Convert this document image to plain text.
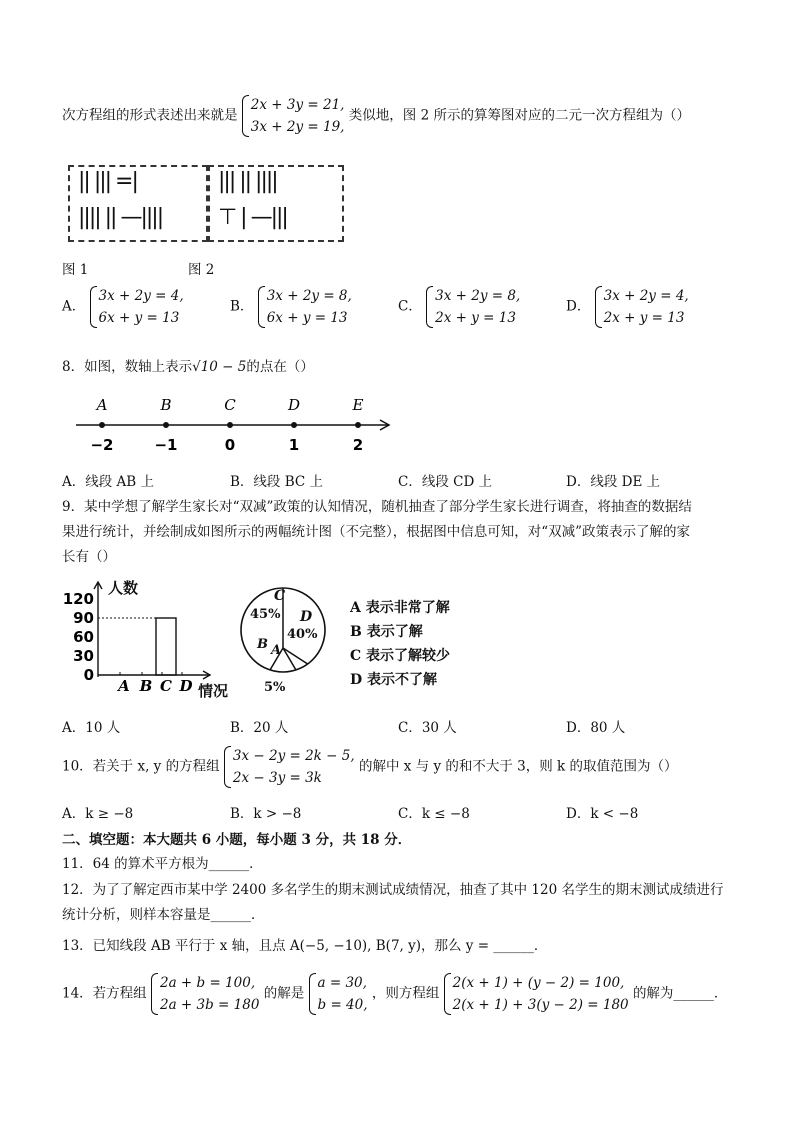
次方程组的形式表述出来就是
2x + 3y = 21,
3x + 2y = 19, 类似地，图 2 所示的算筹图对应的二元一次方程组为（）
|| ||| =|
|||| || —||||
||| || ||||
⊤ | —|||
图 1	图 2
A．
3x + 2y = 4,
6x + y = 13
B．
3x + 2y = 8,
6x + y = 13
C．
3x + 2y = 8,
2x + y = 13
D．
3x + 2y = 4,
2x + y = 13
8．如图，数轴上表示√10 − 5的点在（）
A
−2
B
−1
C
0
D
1
E
2
A．线段 AB 上	B．线段 BC 上	C．线段 CD 上	D．线段 DE 上
9．某中学想了解学生家长对“双减”政策的认知情况，随机抽查了部分学生家长进行调查，将抽查的数据结
果进行统计，并绘制成如图所示的两幅统计图（不完整），根据图中信息可知，对“双减”政策表示了解的家
长有（）
120
90
60
30
0
A B C D
人数
情况
C
45% D
40%
B A
5%
A 表示非常了解
B 表示了解
C 表示了解较少
D 表示不了解
A．10 人	B．20 人	C．30 人	D．80 人
10．若关于 x, y 的方程组
3x − 2y = 2k − 5,
2x − 3y = 3k 的解中 x 与 y 的和不大于 3，则 k 的取值范围为（）
A．k ≥ −8	B．k > −8	C．k ≤ −8	D．k < −8
二、填空题：本大题共 6 小题，每小题 3 分，共 18 分．
11．64 的算术平方根为______．
12．为了了解定西市某中学 2400 多名学生的期末测试成绩情况，抽查了其中 120 名学生的期末测试成绩进行
统计分析，则样本容量是______．
13．已知线段 AB 平行于 x 轴，且点 A(−5, −10), B(7, y)，那么 y = ______．
14．若方程组
2a + b = 100,
2a + 3b = 180 的解是
a = 30,
b = 40, ，则方程组
2(x + 1) + (y − 2) = 100,
2(x + 1) + 3(y − 2) = 180 的解为______．
